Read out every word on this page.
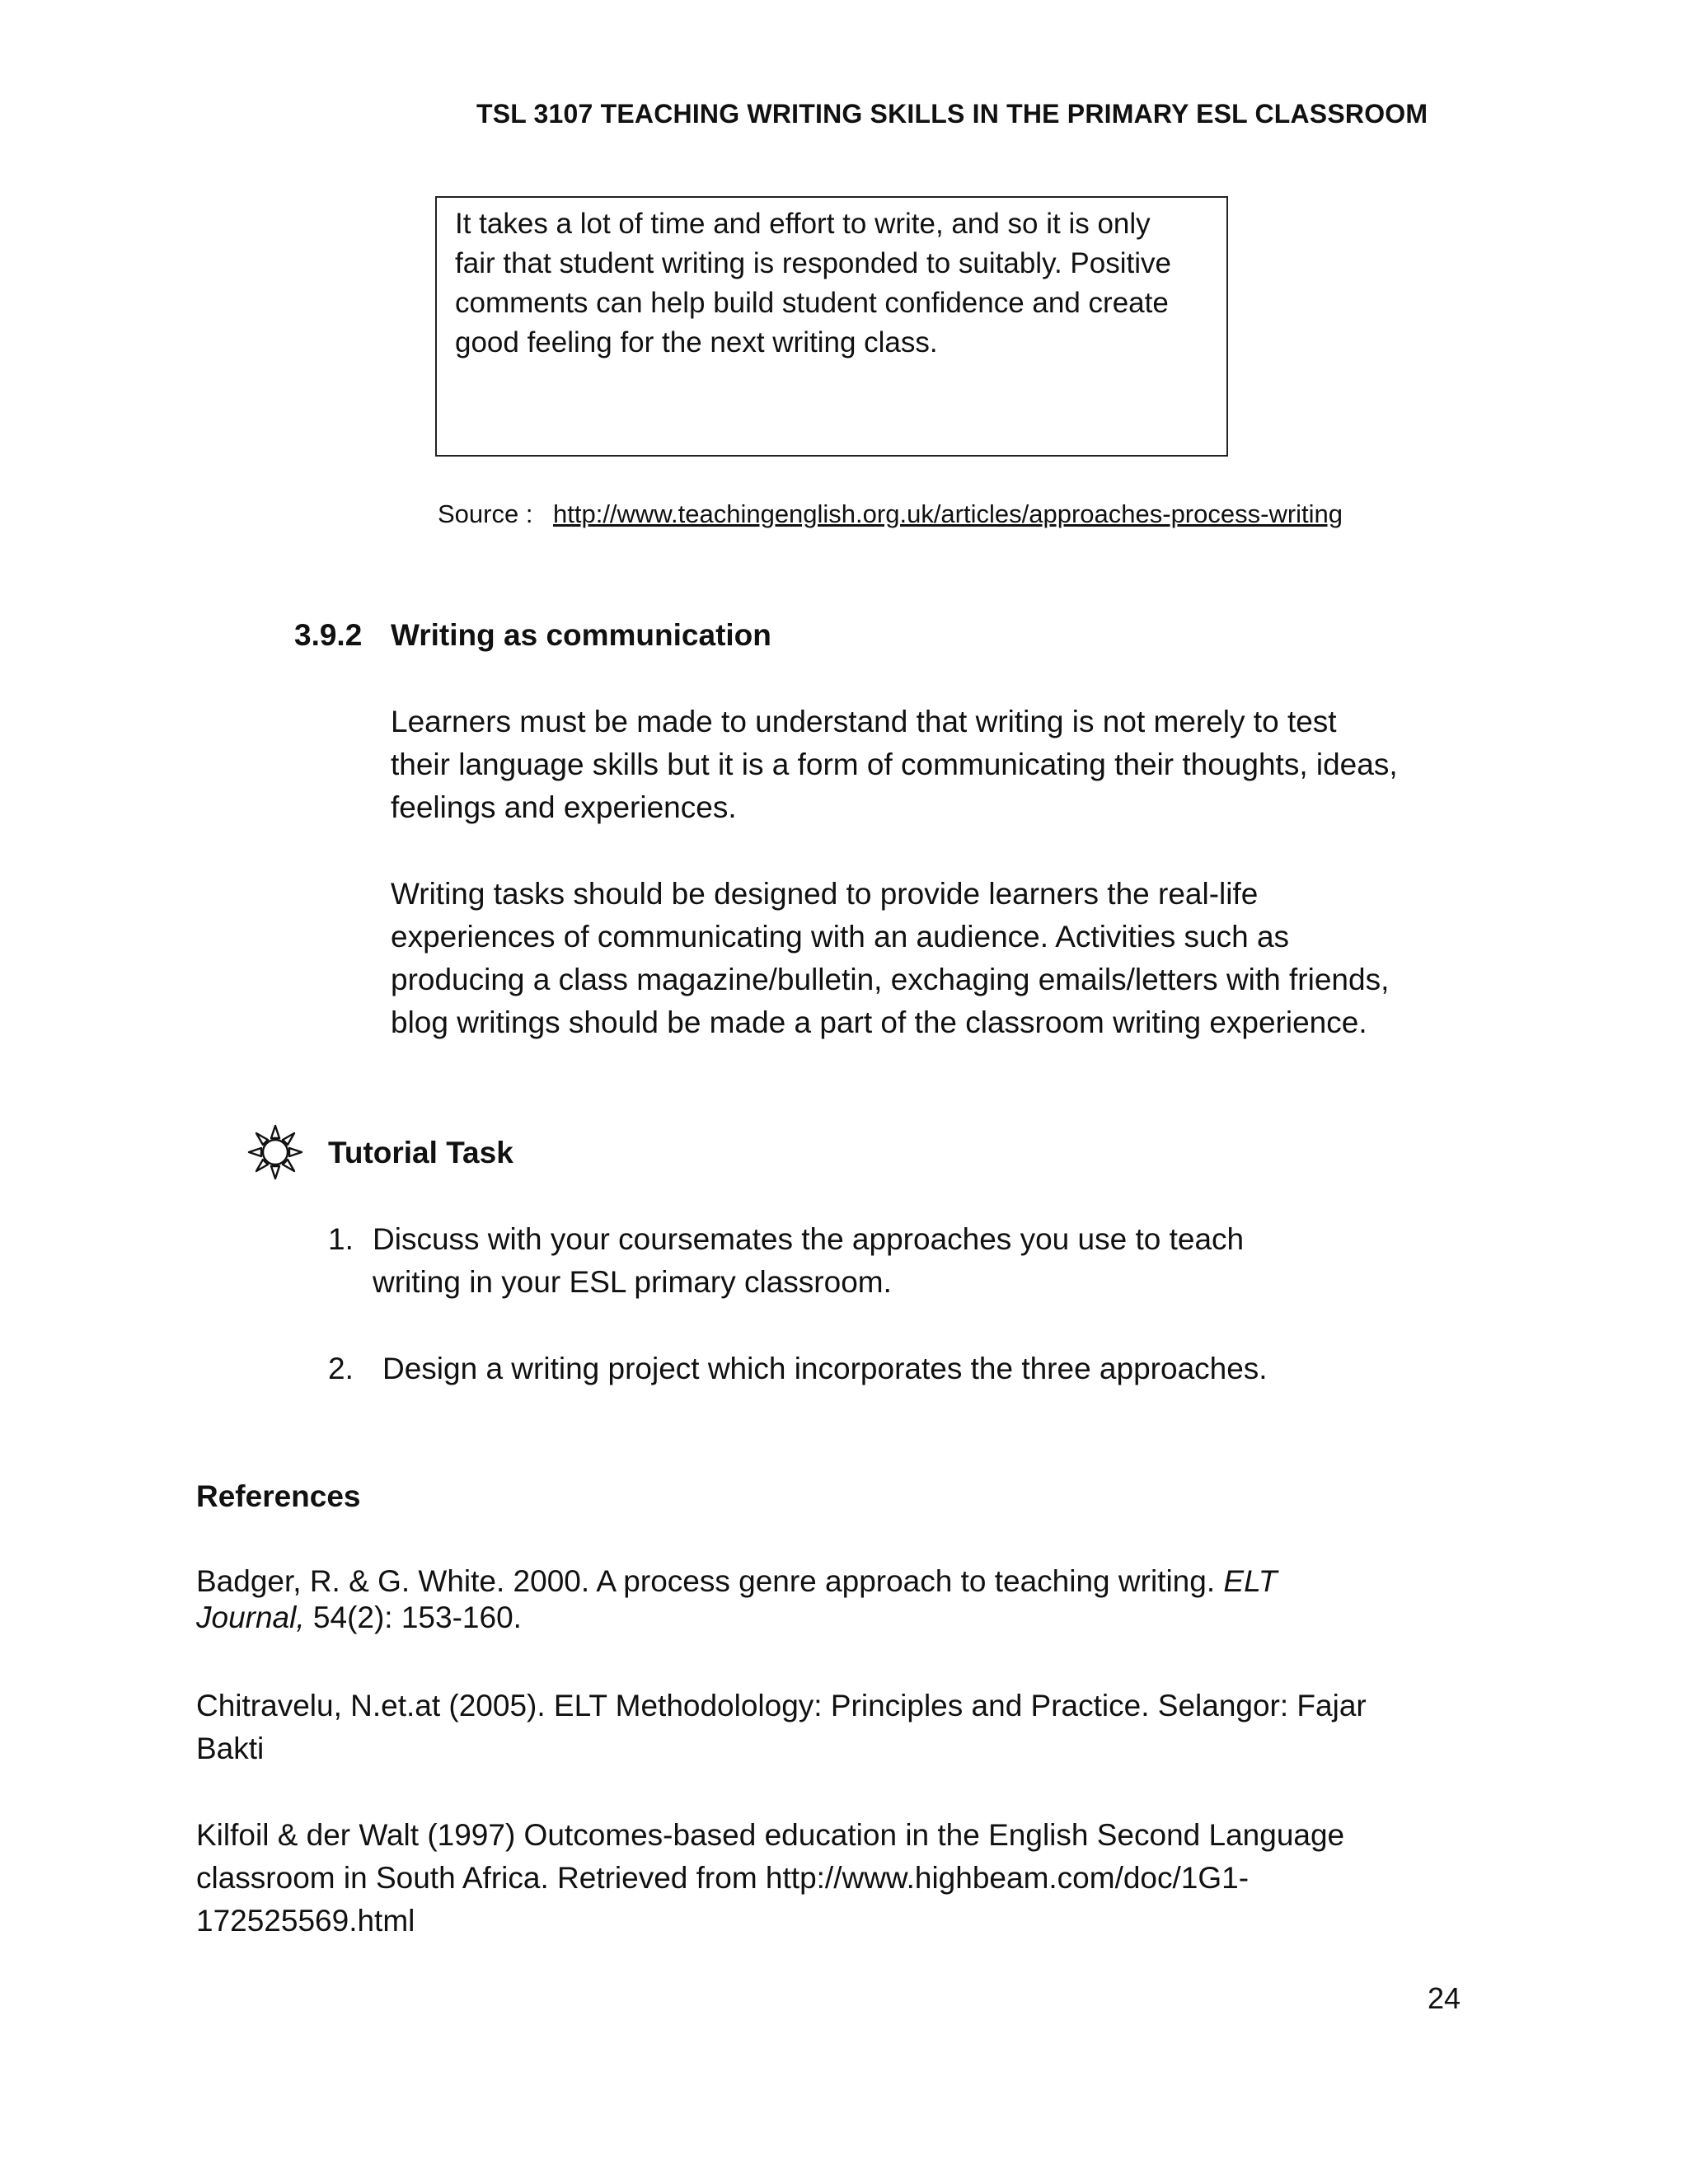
TSL 3107 TEACHING WRITING SKILLS IN THE PRIMARY ESL CLASSROOM
It takes a lot of time and effort to write, and so it is only
fair that student writing is responded to suitably. Positive
comments can help build student confidence and create
good feeling for the next writing class.
Source : http://www.teachingenglish.org.uk/articles/approaches-process-writing
3.9.2 Writing as communication
Learners must be made to understand that writing is not merely to test
their language skills but it is a form of communicating their thoughts, ideas,
feelings and experiences.
Writing tasks should be designed to provide learners the real-life
experiences of communicating with an audience. Activities such as
producing a class magazine/bulletin, exchaging emails/letters with friends,
blog writings should be made a part of the classroom writing experience.
Tutorial Task
1. Discuss with your coursemates the approaches you use to teach
writing in your ESL primary classroom.
2. Design a writing project which incorporates the three approaches.
References
Badger, R. & G. White. 2000. A process genre approach to teaching writing. ELT
Journal, 54(2): 153-160.
Chitravelu, N.et.at (2005). ELT Methodolology: Principles and Practice. Selangor: Fajar
Bakti
Kilfoil & der Walt (1997) Outcomes-based education in the English Second Language
classroom in South Africa. Retrieved from http://www.highbeam.com/doc/1G1-
172525569.html
24
